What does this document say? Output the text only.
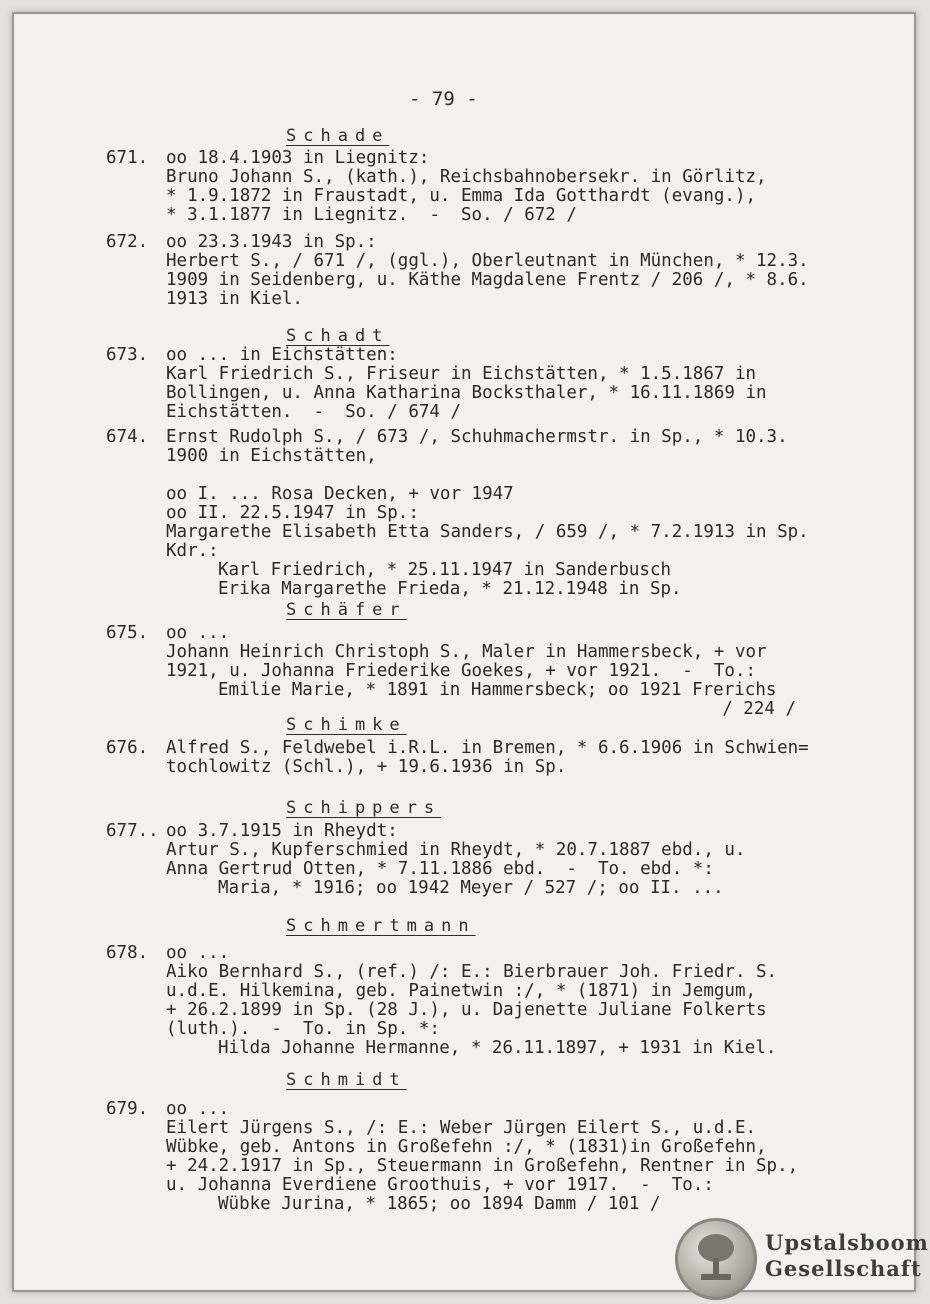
- 79 -
Schade
671. oo 18.4.1903 in Liegnitz:
Bruno Johann S., (kath.), Reichsbahnobersekr. in Görlitz,
* 1.9.1872 in Fraustadt, u. Emma Ida Gotthardt (evang.),
* 3.1.1877 in Liegnitz.  -  So. / 672 /
672. oo 23.3.1943 in Sp.:
Herbert S., / 671 /, (ggl.), Oberleutnant in München, * 12.3.
1909 in Seidenberg, u. Käthe Magdalene Frentz / 206 /, * 8.6.
1913 in Kiel.
Schadt
673. oo ... in Eichstätten:
Karl Friedrich S., Friseur in Eichstätten, * 1.5.1867 in
Bollingen, u. Anna Katharina Bocksthaler, * 16.11.1869 in
Eichstätten.  -  So. / 674 /
674. Ernst Rudolph S., / 673 /, Schuhmachermstr. in Sp., * 10.3.
1900 in Eichstätten,

oo I. ... Rosa Decken, + vor 1947
oo II. 22.5.1947 in Sp.:
Margarethe Elisabeth Etta Sanders, / 659 /, * 7.2.1913 in Sp.
Kdr.:
Karl Friedrich, * 25.11.1947 in Sanderbusch
Erika Margarethe Frieda, * 21.12.1948 in Sp.
Schäfer
675. oo ...
Johann Heinrich Christoph S., Maler in Hammersbeck, + vor
1921, u. Johanna Friederike Goekes, + vor 1921.  -  To.:
Emilie Marie, * 1891 in Hammersbeck; oo 1921 Frerichs
/ 224 /
Schimke
676. Alfred S., Feldwebel i.R.L. in Bremen, * 6.6.1906 in Schwien=
tochlowitz (Schl.), + 19.6.1936 in Sp.
Schippers
677.. oo 3.7.1915 in Rheydt:
Artur S., Kupferschmied in Rheydt, * 20.7.1887 ebd., u.
Anna Gertrud Otten, * 7.11.1886 ebd.  -  To. ebd. *:
Maria, * 1916; oo 1942 Meyer / 527 /; oo II. ...
Schmertmann
678. oo ...
Aiko Bernhard S., (ref.) /: E.: Bierbrauer Joh. Friedr. S.
u.d.E. Hilkemina, geb. Painetwin :/, * (1871) in Jemgum,
+ 26.2.1899 in Sp. (28 J.), u. Dajenette Juliane Folkerts
(luth.).  -  To. in Sp. *:
Hilda Johanne Hermanne, * 26.11.1897, + 1931 in Kiel.
Schmidt
679. oo ...
Eilert Jürgens S., /: E.: Weber Jürgen Eilert S., u.d.E.
Wübke, geb. Antons in Großefehn :/, * (1831)in Großefehn,
+ 24.2.1917 in Sp., Steuermann in Großefehn, Rentner in Sp.,
u. Johanna Everdiene Groothuis, + vor 1917.  -  To.:
Wübke Jurina, * 1865; oo 1894 Damm / 101 /
Upstalsboom
Gesellschaft
